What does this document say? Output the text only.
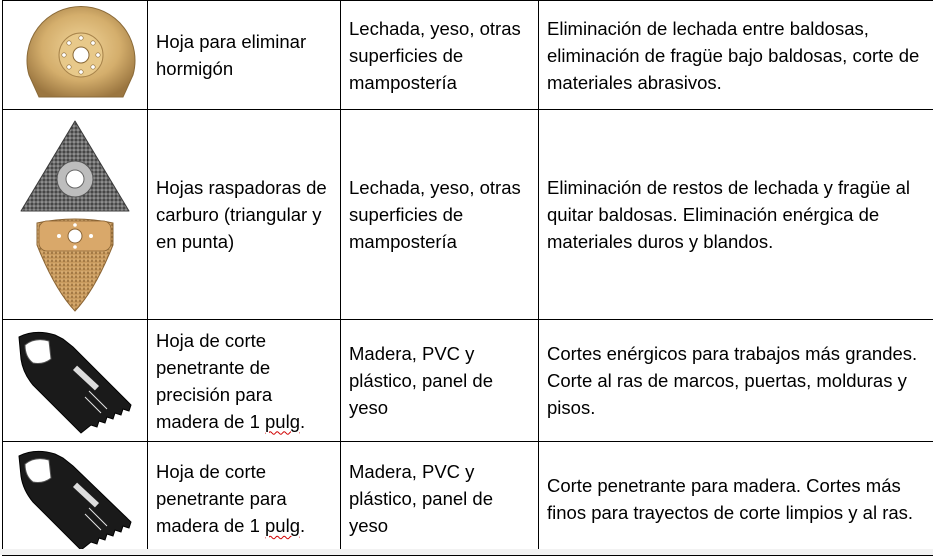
	Hoja para eliminar hormigón	Lechada, yeso, otras superficies de mampostería	Eliminación de lechada entre baldosas, eliminación de fragüe bajo baldosas, corte de materiales abrasivos.

	Hojas raspadoras de carburo (triangular y en punta)	Lechada, yeso, otras superficies de mampostería	Eliminación de restos de lechada y fragüe al quitar baldosas. Eliminación enérgica de materiales duros y blandos.

	Hoja de corte penetrante de precisión para madera de 1 pulg.	Madera, PVC y plástico, panel de yeso	Cortes enérgicos para trabajos más grandes. Corte al ras de marcos, puertas, molduras y pisos.

	Hoja de corte penetrante para madera de 1 pulg.	Madera, PVC y plástico, panel de yeso	Corte penetrante para madera. Cortes más finos para trayectos de corte limpios y al ras.
